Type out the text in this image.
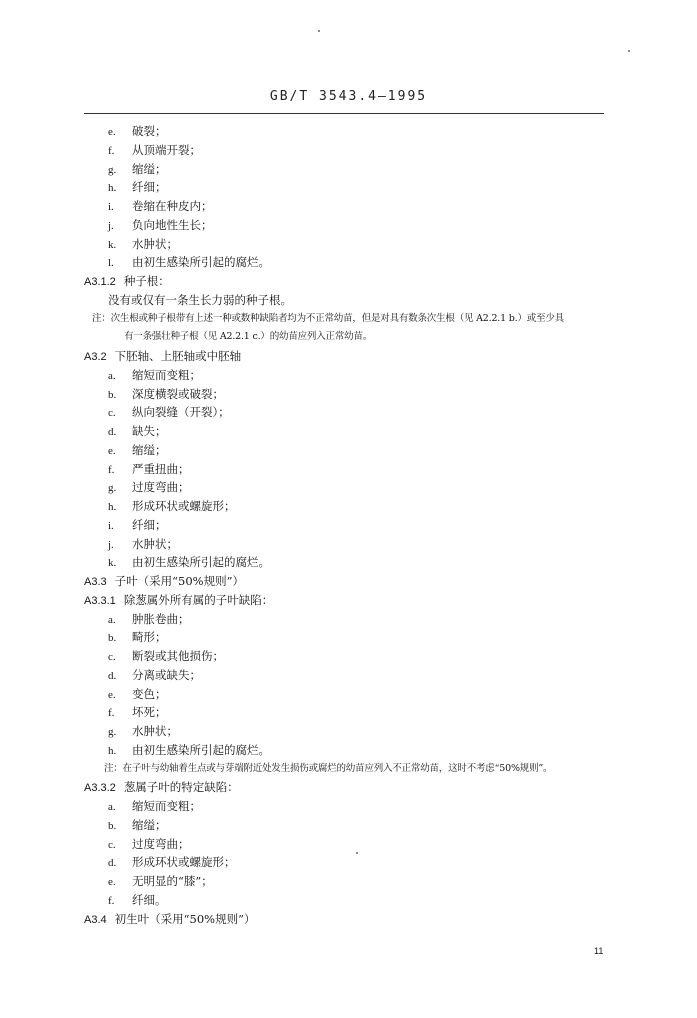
GB/T 3543.4—1995
e. 破裂；
f. 从顶端开裂；
g. 缩缢；
h. 纤细；
i. 卷缩在种皮内；
j. 负向地性生长；
k. 水肿状；
l. 由初生感染所引起的腐烂。
A3.1.2 种子根：
没有或仅有一条生长力弱的种子根。
注：次生根或种子根带有上述一种或数种缺陷者均为不正常幼苗，但是对具有数条次生根（见 A2.2.1 b.）或至少具
有一条强壮种子根（见 A2.2.1 c.）的幼苗应列入正常幼苗。
A3.2 下胚轴、上胚轴或中胚轴
a. 缩短而变粗；
b. 深度横裂或破裂；
c. 纵向裂缝（开裂）；
d. 缺失；
e. 缩缢；
f. 严重扭曲；
g. 过度弯曲；
h. 形成环状或螺旋形；
i. 纤细；
j. 水肿状；
k. 由初生感染所引起的腐烂。
A3.3 子叶（采用“50%规则”）
A3.3.1 除葱属外所有属的子叶缺陷：
a. 肿胀卷曲；
b. 畸形；
c. 断裂或其他损伤；
d. 分离或缺失；
e. 变色；
f. 坏死；
g. 水肿状；
h. 由初生感染所引起的腐烂。
注：在子叶与幼轴着生点或与芽端附近处发生损伤或腐烂的幼苗应列入不正常幼苗，这时不考虑“50%规则”。
A3.3.2 葱属子叶的特定缺陷：
a. 缩短而变粗；
b. 缩缢；
c. 过度弯曲；
d. 形成环状或螺旋形；
e. 无明显的“膝”；
f. 纤细。
A3.4 初生叶（采用“50%规则”）
11
